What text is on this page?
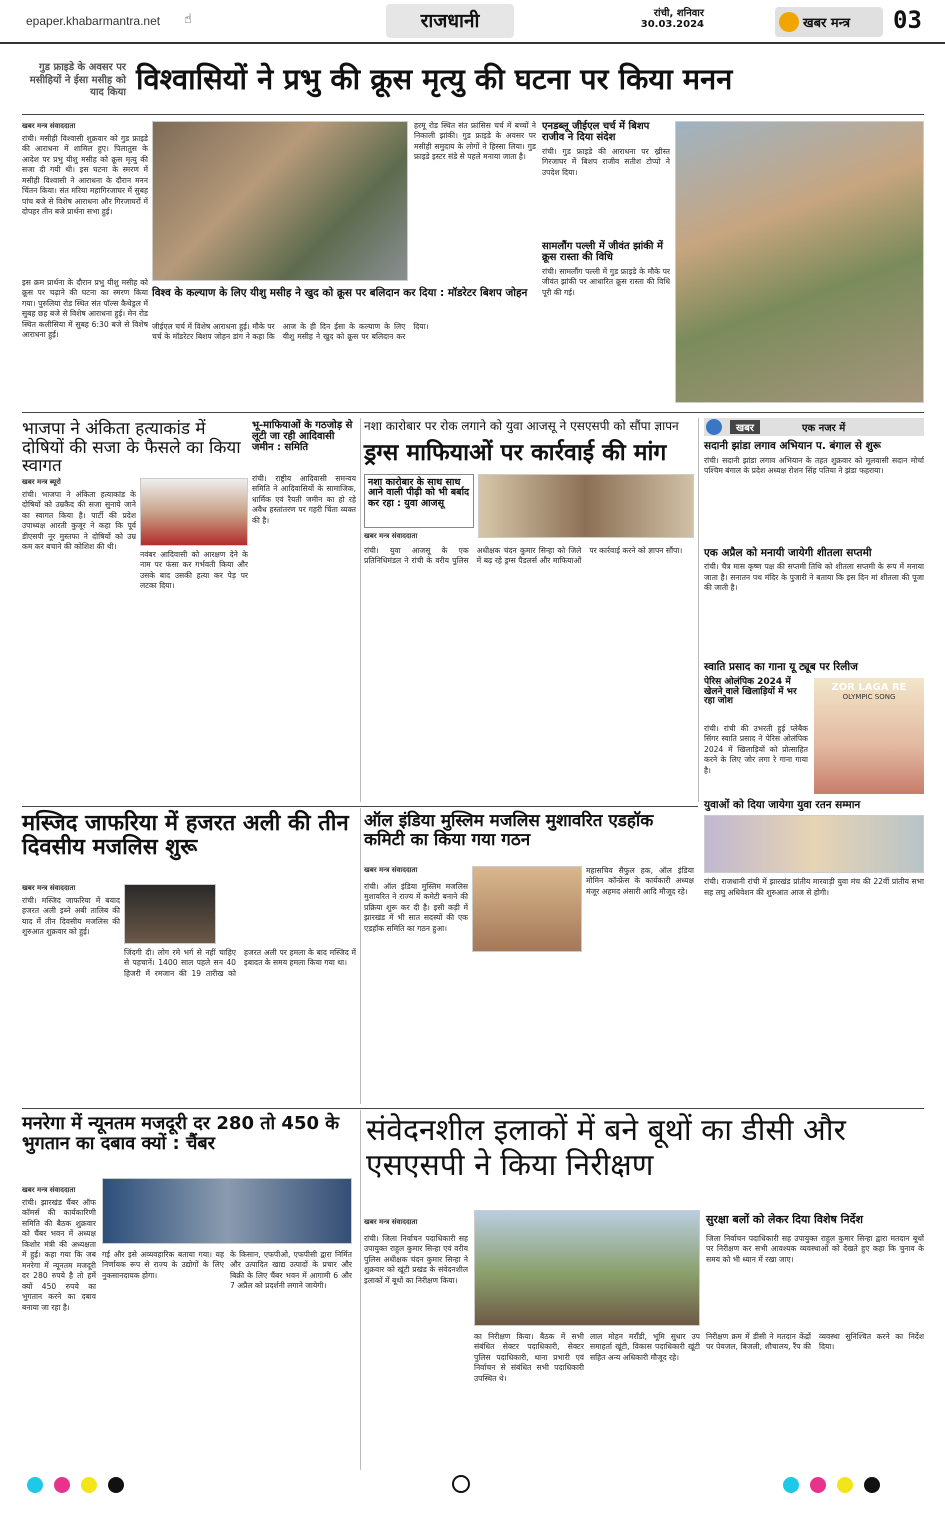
epaper.khabarmantra.net ☝	राजधानी	रांची, शनिवार
30.03.2024	खबर मन्त्र 03
गुड फ्राइडे के अवसर पर मसीहियों ने ईसा मसीह को याद किया विश्वासियों ने प्रभु की क्रूस मृत्यु की घटना पर किया मनन
खबर मन्त्र संवाददाता
रांची। मसीही विश्वासी शुक्रवार को गुड फ्राइडे की आराधना में शामिल हुए। पिलातुस के आदेश पर प्रभु यीशु मसीह को क्रूस मृत्यु की सजा दी गयी थी। इस घटना के स्मरण में मसीही विश्वासी ने आराधना के दौरान मनन चिंतन किया। संत मरिया महागिरजाघर में सुबह पांच बजे से विशेष आराधना और गिरजाघरों में दोपहर तीन बजे प्रार्थना सभा हुई।
इस क्रम प्रार्थना के दौरान प्रभु यीशु मसीह को क्रूस पर चढ़ाने की घटना का स्मरण किया गया। पुरुलिया रोड स्थित संत पॉल्स कैथेड्रल में सुबह छह बजे से विशेष आराधना हुई। मेन रोड स्थित कलीसिया में सुबह 6:30 बजे से विशेष आराधना हुई।
हरमू रोड स्थित संत फ्रांसिस चर्च में बच्चों ने निकाली झांकी। गुड फ्राइडे के अवसर पर मसीही समुदाय के लोगों ने हिस्सा लिया। गुड फ्राइडे इस्टर संडे से पहले मनाया जाता है।
एनडब्लू जीईएल चर्च में बिशप राजीव ने दिया संदेश
रांची। गुड फ्राइडे की आराधना पर ख्रीस्त गिरजाघर में बिशप राजीव सतीश टोप्पो ने उपदेश दिया।
सामलौंग पल्ली में जीवंत झांकी में क्रूस रास्ता की विधि
रांची। सामलौंग पल्ली में गुड फ्राइडे के मौके पर जीवंत झांकी पर आधारित क्रूस रास्ता की विधि पूरी की गई।
विश्व के कल्याण के लिए यीशु मसीह ने खुद को क्रूस पर बलिदान कर दिया : मॉडरेटर बिशप जोहन
जीईएल चर्च में विशेष आराधना हुई। मौके पर चर्च के मॉडरेटर बिशप जोहन डांग ने कहा कि आज के ही दिन ईसा के कल्याण के लिए यीशु मसीह ने खुद को क्रूस पर बलिदान कर दिया।
भाजपा ने अंकिता हत्याकांड में दोषियों की सजा के फैसले का किया स्वागत
खबर मन्त्र ब्यूरो
रांची। भाजपा ने अंकिता हत्याकांड के दोषियों को उम्रकैद की सजा सुनाये जाने का स्वागत किया है। पार्टी की प्रदेश उपाध्यक्ष आरती कुजूर ने कहा कि पूर्व डीएसपी नूर मुस्तफा ने दोषियों को उम्र कम कर बचाने की कोशिश की थी।
नवंबर आदिवासी को आरक्षण देने के नाम पर फंसा कर गर्भवती किया और उसके बाद उसकी हत्या कर पेड़ पर लटका दिया।
भू-माफियाओं के गठजोड़ से लूटी जा रही आदिवासी जमीन : समिति
रांची। राष्ट्रीय आदिवासी समन्वय समिति ने आदिवासियों के सामाजिक, धार्मिक एवं रैयती जमीन का हो रहे अवैध हस्तांतरण पर गहरी चिंता व्यक्त की है।
नशा कारोबार पर रोक लगाने को युवा आजसू ने एसएसपी को सौंपा ज्ञापन
ड्रग्स माफियाओं पर कार्रवाई की मांग
नशा कारोबार के साथ साथ आने वाली पीढ़ी को भी बर्बाद कर रहा : युवा आजसू
खबर मन्त्र संवाददाता
रांची। युवा आजसू के एक प्रतिनिधिमंडल ने रांची के वरीय पुलिस अधीक्षक चंदन कुमार सिन्हा को जिले में बढ़ रहे ड्रग्स पैडलर्स और माफियाओं पर कार्रवाई करने को ज्ञापन सौंपा।
खबर	एक नजर में
सदानी झांडा लगाव अभियान प. बंगाल से शुरू
रांची। सदानी झांडा लगाव अभियान के तहत शुक्रवार को मूलवासी सदान मोर्चा पश्चिम बंगाल के प्रदेश अध्यक्ष रोशन सिंह पतिया ने झंडा फहराया।
एक अप्रैल को मनायी जायेगी शीतला सप्तमी
रांची। चैत्र मास कृष्ण पक्ष की सप्तमी तिथि को शीतला सप्तमी के रूप में मनाया जाता है। सनातन पथ मंदिर के पुजारी ने बताया कि इस दिन मां शीतला की पूजा की जाती है।
स्वाति प्रसाद का गाना यू ट्यूब पर रिलीज
पेरिस ओलंपिक 2024 में खेलने वाले खिलाड़ियों में भर रहा जोश
ZOR LAGA RE
OLYMPIC SONG
रांची। रांची की उभरती हुई प्लेबैक सिंगर स्वाति प्रसाद ने पेरिस ओलंपिक 2024 में खिलाड़ियों को प्रोत्साहित करने के लिए जोर लगा रे गाना गाया है।
युवाओं को दिया जायेगा युवा रतन सम्मान
रांची। राजधानी रांची में झारखंड प्रांतीय मारवाड़ी युवा मंच की 22वीं प्रांतीय सभा सह लघु अधिवेशन की शुरुआत आज से होगी।
मस्जिद जाफरिया में हजरत अली की तीन दिवसीय मजलिस शुरू
खबर मन्त्र संवाददाता
रांची। मस्जिद जाफरिया में बयाद हजरत अली इब्ने अबी तालिब की याद में तीन दिवसीय मजलिस की शुरुआत शुक्रवार को हुई।
जिंदगी दी। लोग रमे भर्ग से नहीं चाहिए से पहचानें। 1400 साल पहले सन 40 हिजरी में रमजान की 19 तारीख को हजरत अली पर हमला के बाद मस्जिद में इबादत के समय हमला किया गया था।
ऑल इंडिया मुस्लिम मजलिस मुशावरित एडहॉक कमिटी का किया गया गठन
खबर मन्त्र संवाददाता
रांची। ऑल इंडिया मुस्लिम मजलिस मुशावरित ने राज्य में कमेटी बनाने की प्रक्रिया शुरू कर दी है। इसी कड़ी में झारखंड में भी सात सदस्यों की एक एडहॉक समिति का गठन हुआ।
महासचिव सैफुल हक, ऑल इंडिया मोमिन कॉन्फ्रेंस के कार्यकारी अध्यक्ष मंजूर अहमद अंसारी आदि मौजूद रहे।
मनरेगा में न्यूनतम मजदूरी दर 280 तो 450 के भुगतान का दबाव क्यों : चैंबर
खबर मन्त्र संवाददाता
रांची। झारखंड चैंबर ऑफ कॉमर्स की कार्यकारिणी समिति की बैठक शुक्रवार को चैंबर भवन में अध्यक्ष किशोर मंत्री की अध्यक्षता में हुई। कहा गया कि जब मनरेगा में न्यूनतम मजदूरी दर 280 रुपये है तो हमें क्यों 450 रुपये का भुगतान करने का दबाव बनाया जा रहा है।
गई और इसे अव्यवहारिक बताया गया। यह निर्णायक रूप से राज्य के उद्योगों के लिए नुकसानदायक होगा।
के किसान, एफपीओ, एफपीसी द्वारा निर्मित और उत्पादित खाद्य उत्पादों के प्रचार और बिक्री के लिए चैंबर भवन में आगामी 6 और 7 अप्रैल को प्रदर्शनी लगाने जायेगी।
संवेदनशील इलाकों में बने बूथों का डीसी और एसएसपी ने किया निरीक्षण
खबर मन्त्र संवाददाता
रांची। जिला निर्वाचन पदाधिकारी सह उपायुक्त राहुल कुमार सिन्हा एवं वरीय पुलिस अधीक्षक चंदन कुमार सिन्हा ने शुक्रवार को खूंटी प्रखंड के संवेदनशील इलाकों में बूथों का निरीक्षण किया।
सुरक्षा बलों को लेकर दिया विशेष निर्देश
जिला निर्वाचन पदाधिकारी सह उपायुक्त राहुल कुमार सिन्हा द्वारा मतदान बूथों पर निरीक्षण कर सभी आवश्यक व्यवस्थाओं को देखते हुए कहा कि चुनाव के समय को भी ध्यान में रखा जाए।
का निरीक्षण किया। बैठक में सभी संबंधित सेक्टर पदाधिकारी, सेक्टर पुलिस पदाधिकारी, थाना प्रभारी एवं निर्वाचन से संबंधित सभी पदाधिकारी उपस्थित थे।
लाल मोहन मराँडी, भूमि सुधार उप समाहर्ता खूंटी, विकास पदाधिकारी खूंटी सहित अन्य अधिकारी मौजूद रहे।
निरीक्षण क्रम में डीसी ने मतदान केंद्रों पर पेयजल, बिजली, शौचालय, रैंप की व्यवस्था सुनिश्चित करने का निर्देश दिया।
